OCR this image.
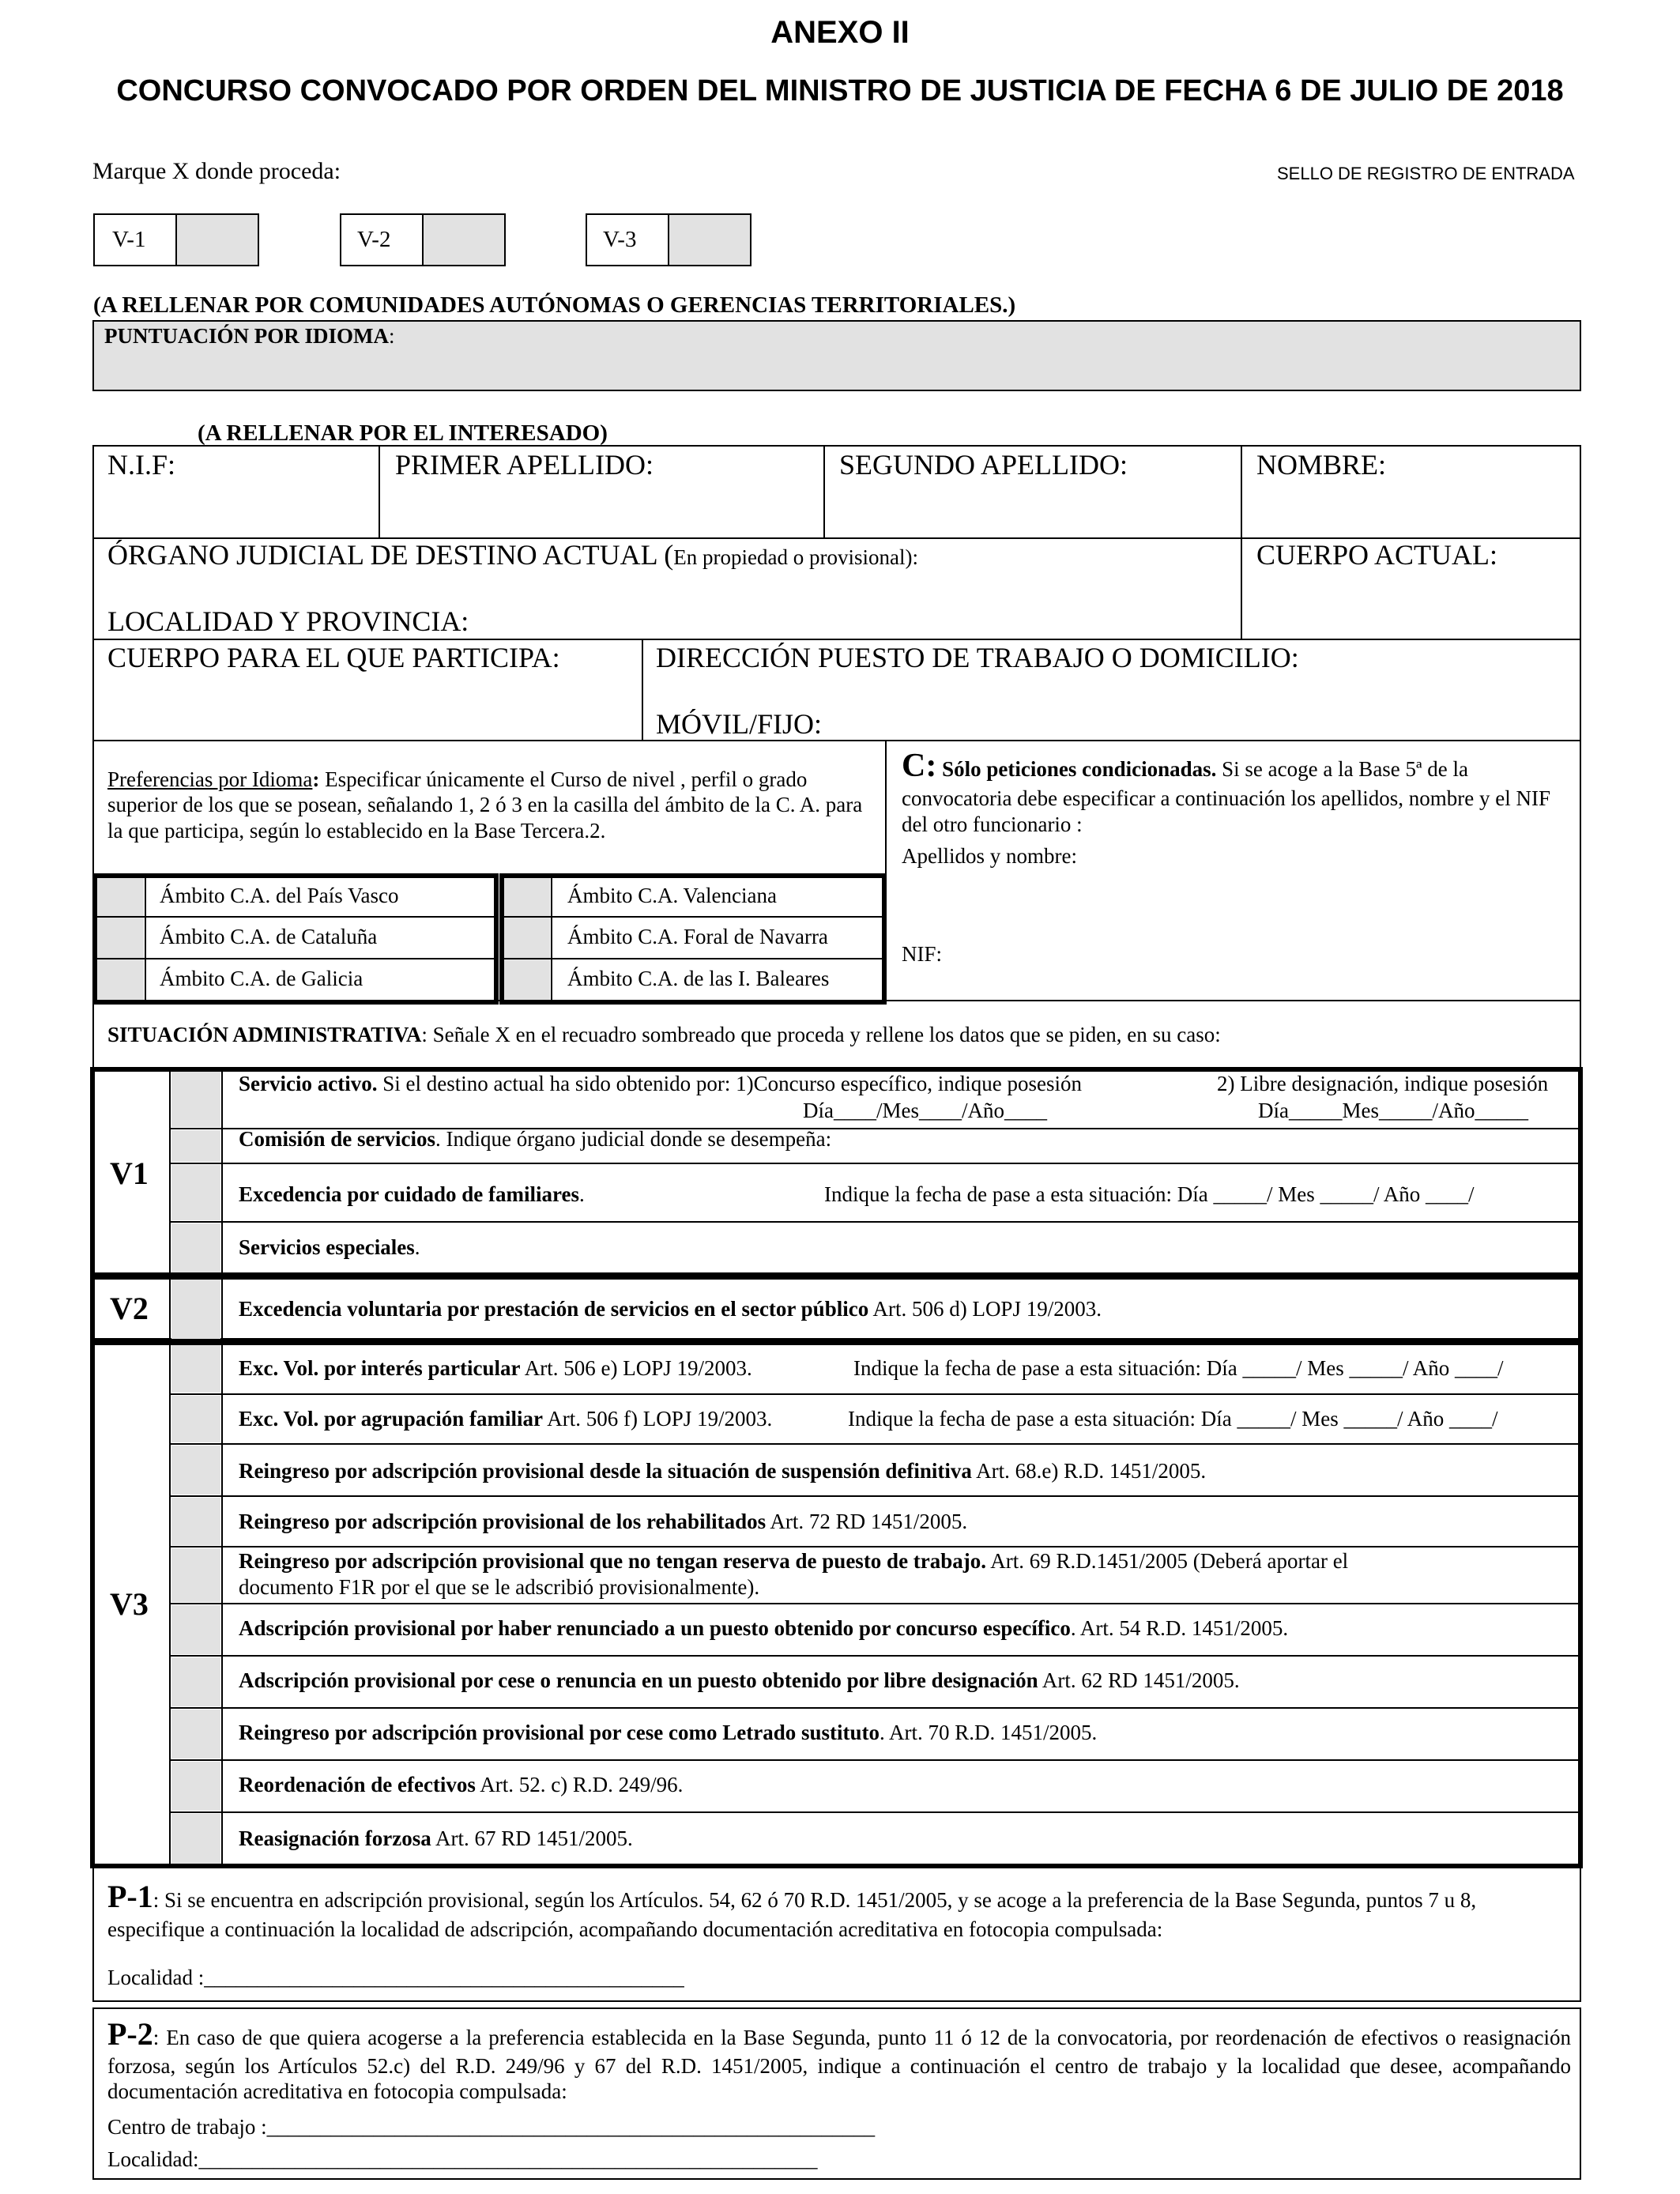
ANEXO II
CONCURSO CONVOCADO POR ORDEN DEL MINISTRO DE JUSTICIA DE FECHA 6 DE JULIO DE 2018
Marque X donde proceda:	SELLO DE REGISTRO DE ENTRADA
V-1	V-2	V-3
(A RELLENAR POR COMUNIDADES AUTÓNOMAS O GERENCIAS TERRITORIALES.)
PUNTUACIÓN POR IDIOMA:
(A RELLENAR POR EL INTERESADO)
N.I.F:	PRIMER APELLIDO:	SEGUNDO APELLIDO:	NOMBRE:
ÓRGANO JUDICIAL DE DESTINO ACTUAL (En propiedad o provisional):	CUERPO ACTUAL:
LOCALIDAD Y PROVINCIA:
CUERPO PARA EL QUE PARTICIPA:	DIRECCIÓN PUESTO DE TRABAJO O DOMICILIO:
MÓVIL/FIJO:
Preferencias por Idioma: Especificar únicamente el Curso de nivel , perfil o grado superior de los que se posean, señalando 1, 2 ó 3 en la casilla del ámbito de la C. A. para la que participa, según lo establecido en la Base Tercera.2.
Ámbito C.A. del País Vasco
Ámbito C.A. de Cataluña
Ámbito C.A. de Galicia
Ámbito C.A. Valenciana
Ámbito C.A. Foral de Navarra
Ámbito C.A. de las I. Baleares
C: Sólo peticiones condicionadas. Si se acoge a la Base 5ª de la convocatoria debe especificar a continuación los apellidos, nombre y el NIF del otro funcionario :
Apellidos y nombre:
NIF:
SITUACIÓN ADMINISTRATIVA: Señale X en el recuadro sombreado que proceda y rellene los datos que se piden, en su caso:
V1
Servicio activo. Si el destino actual ha sido obtenido por: 1)Concurso específico, indique posesión	2) Libre designación, indique posesión
Día____/Mes____/Año____	Día_____Mes_____/Año_____
Comisión de servicios. Indique órgano judicial donde se desempeña:
Excedencia por cuidado de familiares.	Indique la fecha de pase a esta situación: Día _____/ Mes _____/ Año ____/
Servicios especiales.
V2	Excedencia voluntaria por prestación de servicios en el sector público Art. 506 d) LOPJ 19/2003.
V3
Exc. Vol. por interés particular Art. 506 e) LOPJ 19/2003.	Indique la fecha de pase a esta situación: Día _____/ Mes _____/ Año ____/
Exc. Vol. por agrupación familiar Art. 506 f) LOPJ 19/2003.	Indique la fecha de pase a esta situación: Día _____/ Mes _____/ Año ____/
Reingreso por adscripción provisional desde la situación de suspensión definitiva Art. 68.e) R.D. 1451/2005.
Reingreso por adscripción provisional de los rehabilitados Art. 72 RD 1451/2005.
Reingreso por adscripción provisional que no tengan reserva de puesto de trabajo. Art. 69 R.D.1451/2005 (Deberá aportar el
documento F1R por el que se le adscribió provisionalmente).
Adscripción provisional por haber renunciado a un puesto obtenido por concurso específico. Art. 54 R.D. 1451/2005.
Adscripción provisional por cese o renuncia en un puesto obtenido por libre designación Art. 62 RD 1451/2005.
Reingreso por adscripción provisional por cese como Letrado sustituto. Art. 70 R.D. 1451/2005.
Reordenación de efectivos Art. 52. c) R.D. 249/96.
Reasignación forzosa Art. 67 RD 1451/2005.
P-1: Si se encuentra en adscripción provisional, según los Artículos. 54, 62 ó 70 R.D. 1451/2005, y se acoge a la preferencia de la Base Segunda, puntos 7 u 8, especifique a continuación la localidad de adscripción, acompañando documentación acreditativa en fotocopia compulsada:
Localidad :_____________________________________________
P-2: En caso de que quiera acogerse a la preferencia establecida en la Base Segunda, punto 11 ó 12 de la convocatoria, por reordenación de efectivos o reasignación forzosa, según los Artículos 52.c) del R.D. 249/96 y 67 del R.D. 1451/2005, indique a continuación el centro de trabajo y la localidad que desee, acompañando documentación acreditativa en fotocopia compulsada:
Centro de trabajo :_________________________________________________________
Localidad:__________________________________________________________
